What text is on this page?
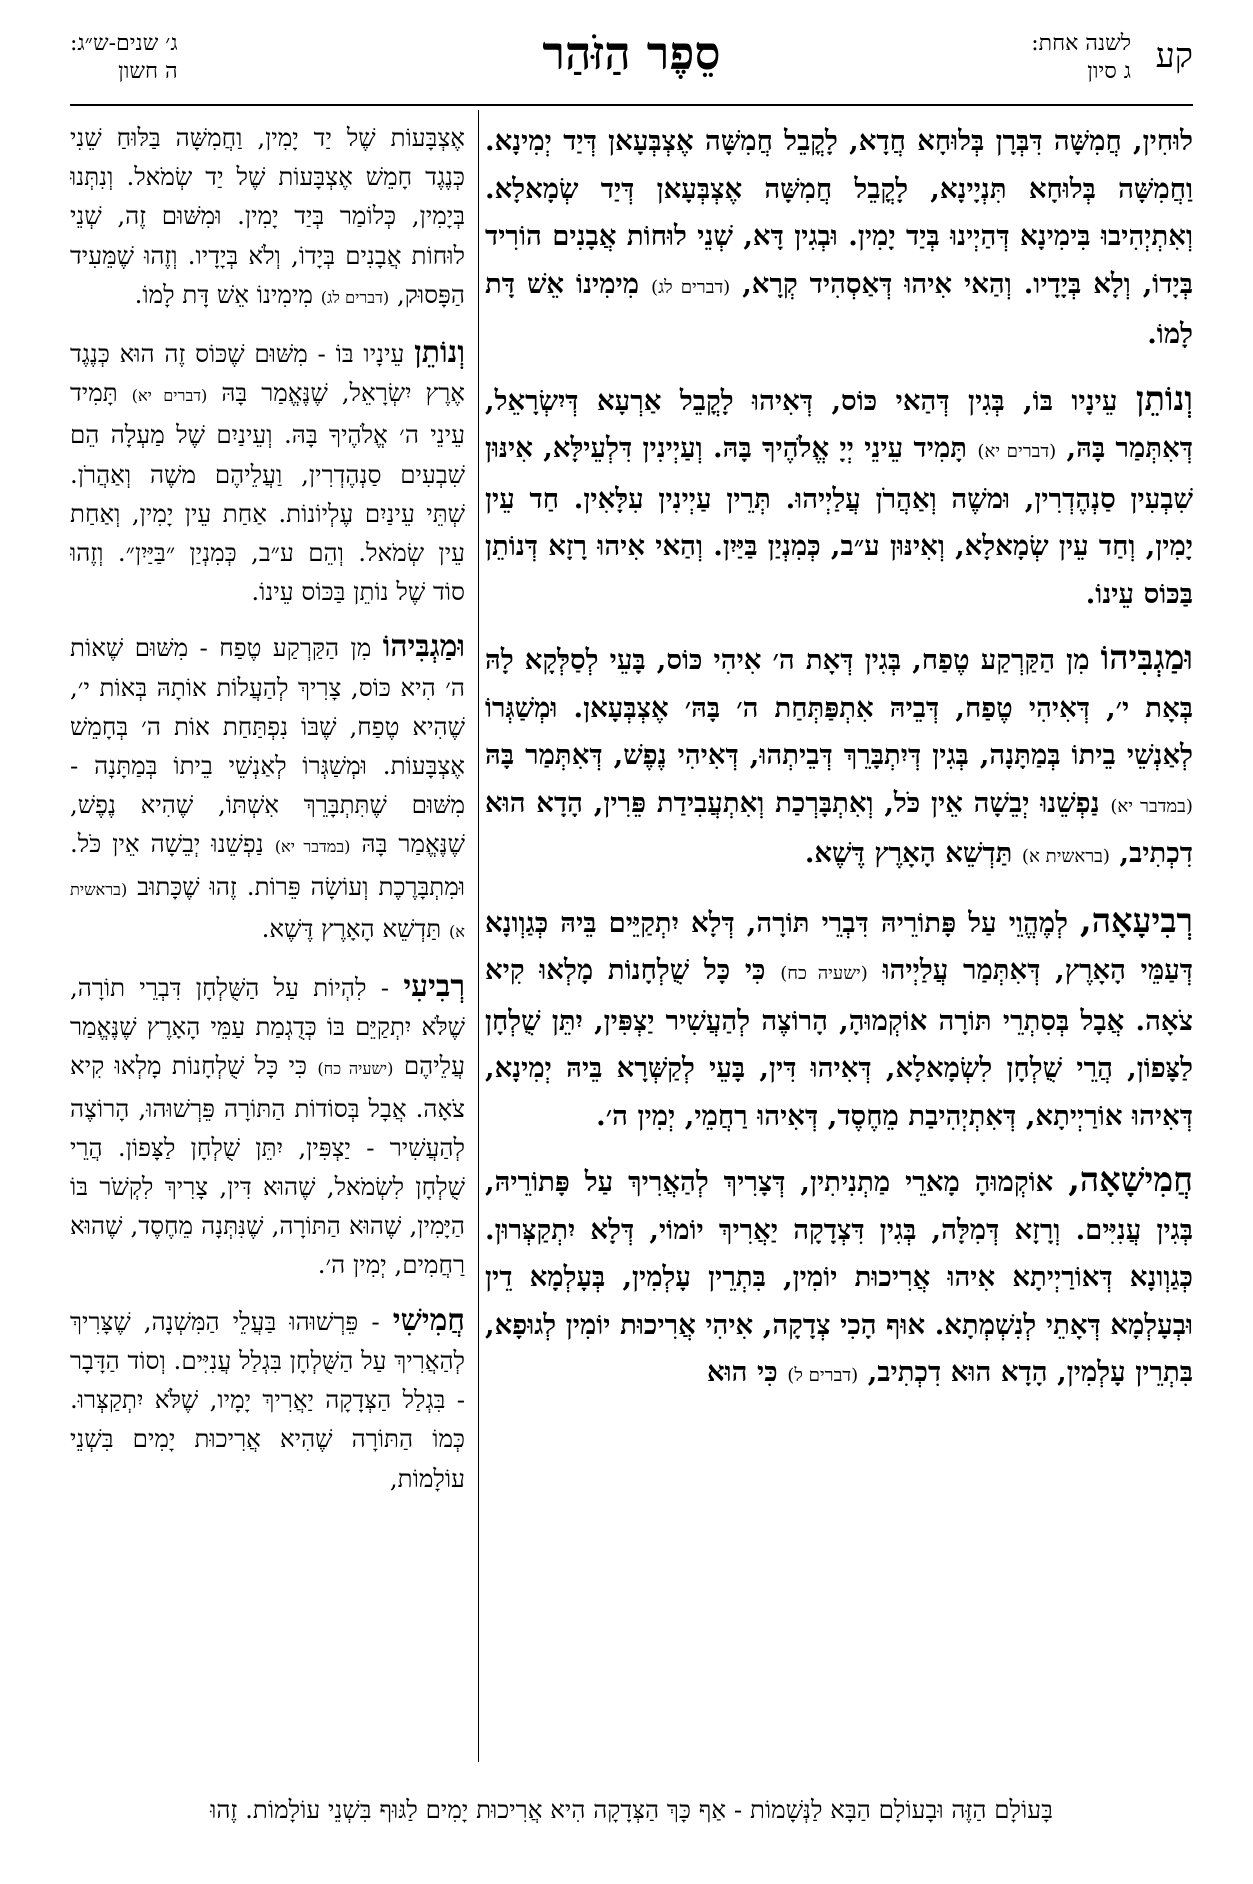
קע
לשנה אחת:
ג סיון
סֵפֶר הַזֹּהַר
ג׳ שנים-ש״ג:
ה חשון

לוּחִין, חֲמִשָּׁה דִּבְּרָן בְּלוּחָא חֲדָא, לָקֳבֵל חֲמִשָּׁה אֶצְבְּעָאן דְּיַד יְמִינָא. וַחֲמִשָּׁה בְּלוּחָא תִּנְיָינָא, לָקֳבֵל חֲמִשָּׁה אֶצְבְּעָאן דְּיַד שְׂמָאלָא. וְאִתְיְהִיבוּ בִּימִינָא דְּהַיְינוּ בְּיַד יָמִין. וּבְגִין דָּא, שְׁנֵי לוּחוֹת אֲבָנִים הוֹרִיד בְּיָדוֹ, וְלָא בְּיָדָיו. וְהַאי אִיהוּ דְּאַסְהִיד קְרָא, (דברים לג) מִימִינוֹ אֵשׁ דָּת לָמוֹ.

וְנוֹתֵן עֵינָיו בּוֹ, בְּגִין דְּהַאי כּוֹס, דְּאִיהוּ לָקֳבֵל אַרְעָא דְּיִשְׂרָאֵל, דְּאִתְּמַר בָּהּ, (דברים יא) תָּמִיד עֵינֵי יְיָ אֱלֹהֶיךָ בָּהּ. וְעַיְינִין דִּלְעֵילָּא, אִינּוּן שִׁבְעִין סַנְהֶדְרִין, וּמשֶׁה וְאַהֲרֹן עֲלַיְיהוּ. תְּרֵין עַיְינִין עִלָּאִין. חַד עֵין יָמִין, וְחַד עֵין שְׂמָאלָא, וְאִינּוּן ע״ב, כְּמִנְיַן בַּיַּיִן. וְהַאי אִיהוּ רָזָא דְּנוֹתֵן בַּכּוֹס עֵינוֹ.

וּמַגְבִּיהוֹ מִן הַקַּרְקַע טֶפַח, בְּגִין דְּאָת ה׳ אִיהִי כּוֹס, בָּעֵי לְסַלְּקָא לָהּ בְּאָת י׳, דְּאִיהִי טֶפַח, דְּבֵיהּ אִתְפַּתְּחַת ה׳ בָּהּ׳ אֶצְבְּעָאן. וּמְשַׁגְּרוֹ לְאַנְשֵׁי בֵיתוֹ בְּמַתָּנָה, בְּגִין דְּיִתְבָּרֵךְ דְּבֵיתְהוּ, דְּאִיהִי נֶפֶשׁ, דְּאִתְּמַר בָּהּ (במדבר יא) נַפְשֵׁנוּ יְבֵשָׁה אֵין כֹּל, וְאִתְבָּרְכַת וְאִתְעֲבִידַת פֵּרִין, הָדָא הוּא דִכְתִיב, (בראשית א) תַּדְשֵׁא הָאָרֶץ דֶּשֶׁא.

רְבִיעָאָה, לְמֶהֱוֵי עַל פָּתוֹרֵיהּ דִּבְרֵי תּוֹרָה, דְּלָא יִתְקַיֵּים בֵּיהּ כְּגַוְונָא דְּעַמֵּי הָאָרֶץ, דְּאִתְּמַר עֲלַיְיהוּ (ישעיה כח) כִּי כָּל שֻׁלְחָנוֹת מָלְאוּ קִיא צֹאָה. אֲבָל בְּסִתְרֵי תּוֹרָה אוֹקְמוּהָ, הָרוֹצֶה לְהַעֲשִׁיר יַצְפִּין, יִתֵּן שֻׁלְחָן לַצָּפוֹן, הֲרֵי שֻׁלְחָן לִשְׂמָאלָא, דְּאִיהוּ דִּין, בָּעֵי לְקַשְּׁרָא בֵּיהּ יְמִינָא, דְּאִיהוּ אוֹרַיְיתָא, דְּאִתְיְהִיבַת מֵחֶסֶד, דְּאִיהוּ רַחֲמֵי, יְמִין ה׳.

חֲמִישָׁאָה, אוֹקְמוּהָ מָארֵי מַתְנִיתִין, דְּצָרִיךְ לְהַאֲרִיךְ עַל פָּתוֹרֵיהּ, בְּגִין עֲנִיִּים. וְרָזָא דְּמִלָּה, בְּגִין דִּצְדָקָה יַאֲרִיךְ יוֹמוֹי, דְּלָא יִתְקַצְּרוּן. כְּגַוְונָא דְּאוֹרַיְיתָא אִיהוּ אֲרִיכוּת יוֹמִין, בִּתְרֵין עָלְמִין, בְּעָלְמָא דֵין וּבְעָלְמָא דְּאָתֵי לְנִשְׁמְתָא. אוּף הָכִי צְדָקָה, אִיהִי אֲרִיכוּת יוֹמִין לְגוּפָא, בִּתְרֵין עָלְמִין, הָדָא הוּא דִכְתִיב, (דברים ל) כִּי הוּא

אֶצְבָּעוֹת שֶׁל יַד יָמִין, וַחֲמִשָּׁה בַּלּוּחַ שֵׁנִי כְּנֶגֶד חָמֵשׁ אֶצְבָּעוֹת שֶׁל יַד שְׂמֹאל. וְנִתְּנוּ בְּיָמִין, כְּלוֹמַר בְּיַד יָמִין. וּמִשּׁוּם זֶה, שְׁנֵי לוּחוֹת אֲבָנִים בְּיָדוֹ, וְלֹא בְּיָדָיו. וְזֶהוּ שֶׁמֵּעִיד הַפָּסוּק, (דברים לג) מִימִינוֹ אֵשׁ דָּת לָמוֹ.

וְנוֹתֵן עֵינָיו בּוֹ - מִשּׁוּם שֶׁכּוֹס זֶה הוּא כְּנֶגֶד אֶרֶץ יִשְׂרָאֵל, שֶׁנֶּאֱמַר בָּהּ (דברים יא) תָּמִיד עֵינֵי ה׳ אֱלֹהֶיךָ בָּהּ. וְעֵינַיִם שֶׁל מַעְלָה הֵם שִׁבְעִים סַנְהֶדְרִין, וַעֲלֵיהֶם משֶׁה וְאַהֲרֹן. שְׁתֵּי עֵינַיִם עֶלְיוֹנוֹת. אַחַת עֵין יָמִין, וְאַחַת עֵין שְׂמֹאל. וְהֵם ע״ב, כְּמִנְיַן ״בַּיַּיִן״. וְזֶהוּ סוֹד שֶׁל נוֹתֵן בַּכּוֹס עֵינוֹ.

וּמַגְבִּיהוֹ מִן הַקַּרְקַע טֶפַח - מִשּׁוּם שֶׁאוֹת ה׳ הִיא כּוֹס, צָרִיךְ לְהַעֲלוֹת אוֹתָהּ בְּאוֹת י׳, שֶׁהִיא טֶפַח, שֶׁבּוֹ נִפְתַּחַת אוֹת ה׳ בְּחָמֵשׁ אֶצְבָּעוֹת. וּמְשַׁגְּרוֹ לְאַנְשֵׁי בֵיתוֹ בְּמַתָּנָה - מִשּׁוּם שֶׁתִּתְבָּרֵךְ אִשְׁתּוֹ, שֶׁהִיא נֶפֶשׁ, שֶׁנֶּאֱמַר בָּהּ (במדבר יא) נַפְשֵׁנוּ יְבֵשָׁה אֵין כֹּל. וּמִתְבָּרֶכֶת וְעוֹשָׂה פֵּרוֹת. זֶהוּ שֶׁכָּתוּב (בראשית א) תַּדְשֵׁא הָאָרֶץ דֶּשֶׁא.

רְבִיעִי - לִהְיוֹת עַל הַשֻּׁלְחָן דִּבְרֵי תוֹרָה, שֶׁלֹּא יִתְקַיֵּם בּוֹ כְּדֻגְמַת עַמֵּי הָאָרֶץ שֶׁנֶּאֱמַר עֲלֵיהֶם (ישעיה כח) כִּי כָּל שֻׁלְחָנוֹת מָלְאוּ קִיא צֹאָה. אֲבָל בְּסוֹדוֹת הַתּוֹרָה פֵּרְשׁוּהוּ, הָרוֹצֶה לְהַעֲשִׁיר - יַצְפִּין, יִתֵּן שֻׁלְחָן לַצָּפוֹן. הֲרֵי שֻׁלְחָן לִשְׂמֹאל, שֶׁהוּא דִּין, צָרִיךְ לִקְשֹׁר בּוֹ הַיָּמִין, שֶׁהוּא הַתּוֹרָה, שֶׁנִּתְּנָה מֵחֶסֶד, שֶׁהוּא רַחֲמִים, יְמִין ה׳.

חֲמִישִׁי - פֵּרְשׁוּהוּ בַּעֲלֵי הַמִּשְׁנָה, שֶׁצָּרִיךְ לְהַאֲרִיךְ עַל הַשֻּׁלְחָן בִּגְלַל עֲנִיִּים. וְסוֹד הַדָּבָר - בִּגְלַל הַצְּדָקָה יַאֲרִיךְ יָמָיו, שֶׁלֹּא יִתְקַצְּרוּ. כְּמוֹ הַתּוֹרָה שֶׁהִיא אֲרִיכוּת יָמִים בִּשְׁנֵי עוֹלָמוֹת,

בָּעוֹלָם הַזֶּה וּבָעוֹלָם הַבָּא לַנְּשָׁמוֹת - אַף כָּךְ הַצְּדָקָה הִיא אֲרִיכוּת יָמִים לַגּוּף בִּשְׁנֵי עוֹלָמוֹת. זֶהוּ
